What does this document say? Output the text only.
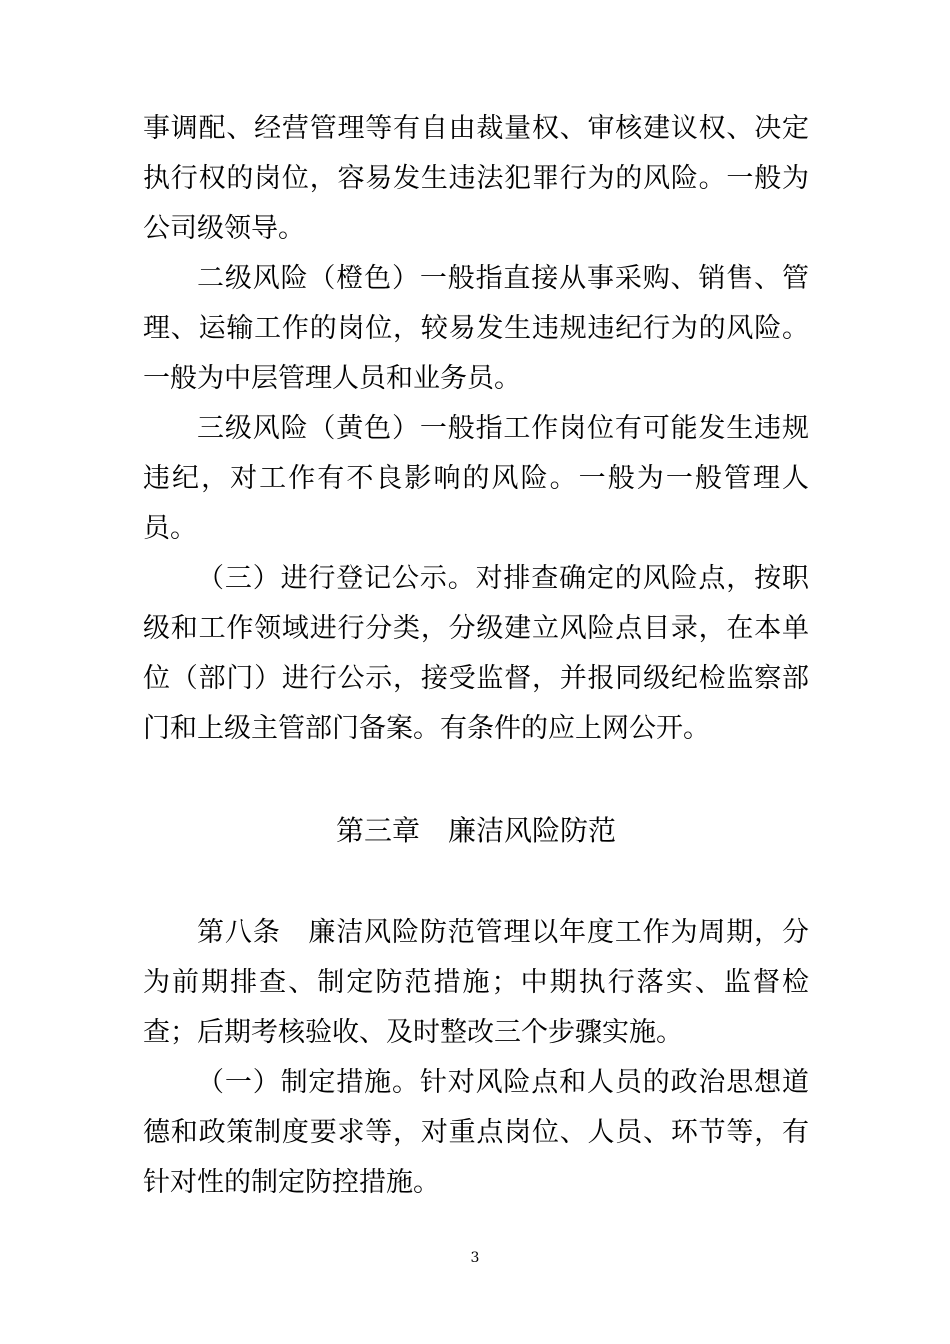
事调配、经营管理等有自由裁量权、审核建议权、决定执行权的岗位，容易发生违法犯罪行为的风险。一般为公司级领导。

二级风险（橙色）一般指直接从事采购、销售、管理、运输工作的岗位，较易发生违规违纪行为的风险。一般为中层管理人员和业务员。

三级风险（黄色）一般指工作岗位有可能发生违规违纪，对工作有不良影响的风险。一般为一般管理人员。

（三）进行登记公示。对排查确定的风险点，按职级和工作领域进行分类，分级建立风险点目录，在本单位（部门）进行公示，接受监督，并报同级纪检监察部门和上级主管部门备案。有条件的应上网公开。

第三章　廉洁风险防范

第八条　廉洁风险防范管理以年度工作为周期，分为前期排查、制定防范措施；中期执行落实、监督检查；后期考核验收、及时整改三个步骤实施。

（一）制定措施。针对风险点和人员的政治思想道德和政策制度要求等，对重点岗位、人员、环节等，有针对性的制定防控措施。

3
